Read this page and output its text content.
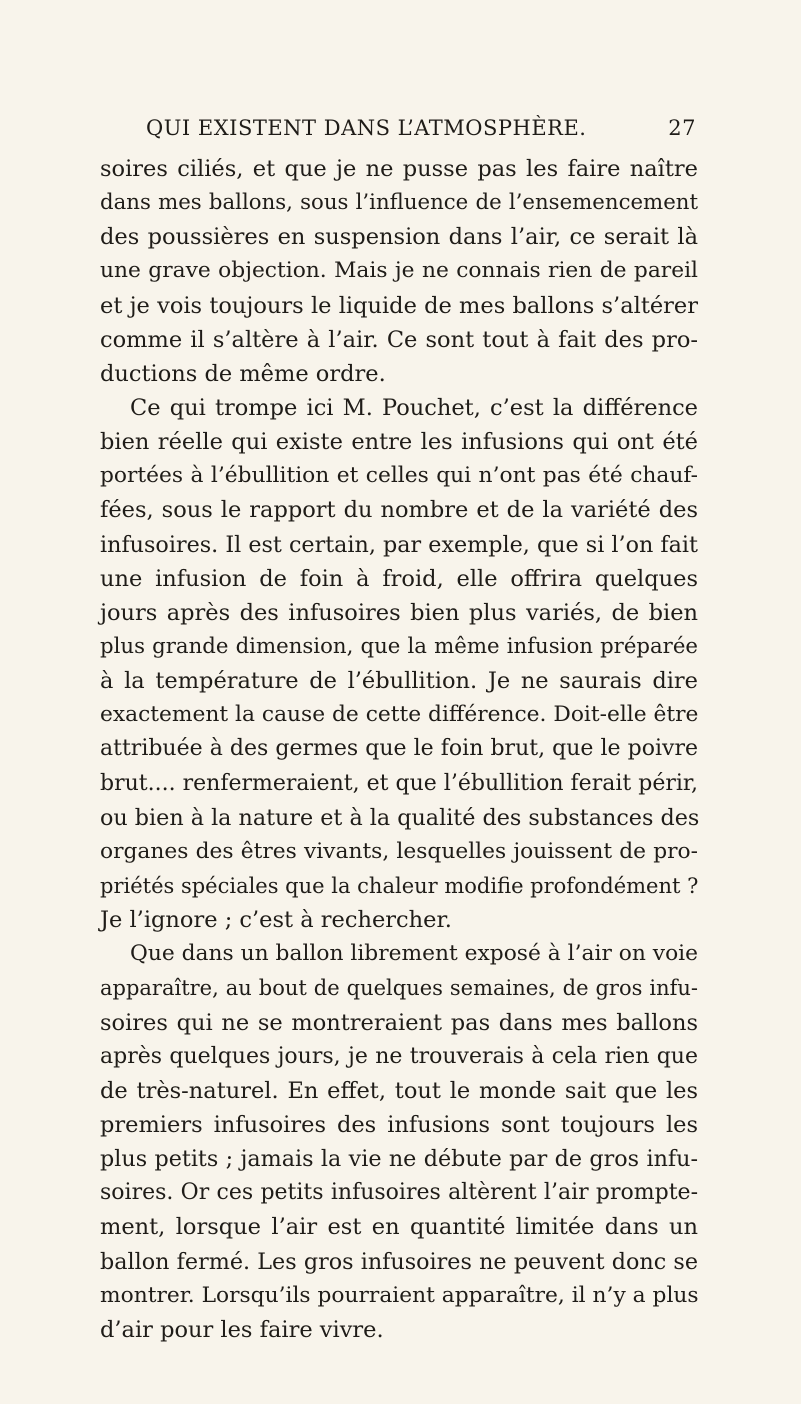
QUI EXISTENT DANS L’ATMOSPHÈRE.	27
soires ciliés, et que je ne pusse pas les faire naître
dans mes ballons, sous l’influence de l’ensemencement
des poussières en suspension dans l’air, ce serait là
une grave objection. Mais je ne connais rien de pareil
et je vois toujours le liquide de mes ballons s’altérer
comme il s’altère à l’air. Ce sont tout à fait des pro-
ductions de même ordre.
Ce qui trompe ici M. Pouchet, c’est la différence
bien réelle qui existe entre les infusions qui ont été
portées à l’ébullition et celles qui n’ont pas été chauf-
fées, sous le rapport du nombre et de la variété des
infusoires. Il est certain, par exemple, que si l’on fait
une infusion de foin à froid, elle offrira quelques
jours après des infusoires bien plus variés, de bien
plus grande dimension, que la même infusion préparée
à la température de l’ébullition. Je ne saurais dire
exactement la cause de cette différence. Doit-elle être
attribuée à des germes que le foin brut, que le poivre
brut.... renfermeraient, et que l’ébullition ferait périr,
ou bien à la nature et à la qualité des substances des
organes des êtres vivants, lesquelles jouissent de pro-
priétés spéciales que la chaleur modifie profondément ?
Je l’ignore ; c’est à rechercher.
Que dans un ballon librement exposé à l’air on voie
apparaître, au bout de quelques semaines, de gros infu-
soires qui ne se montreraient pas dans mes ballons
après quelques jours, je ne trouverais à cela rien que
de très-naturel. En effet, tout le monde sait que les
premiers infusoires des infusions sont toujours les
plus petits ; jamais la vie ne débute par de gros infu-
soires. Or ces petits infusoires altèrent l’air prompte-
ment, lorsque l’air est en quantité limitée dans un
ballon fermé. Les gros infusoires ne peuvent donc se
montrer. Lorsqu’ils pourraient apparaître, il n’y a plus
d’air pour les faire vivre.
